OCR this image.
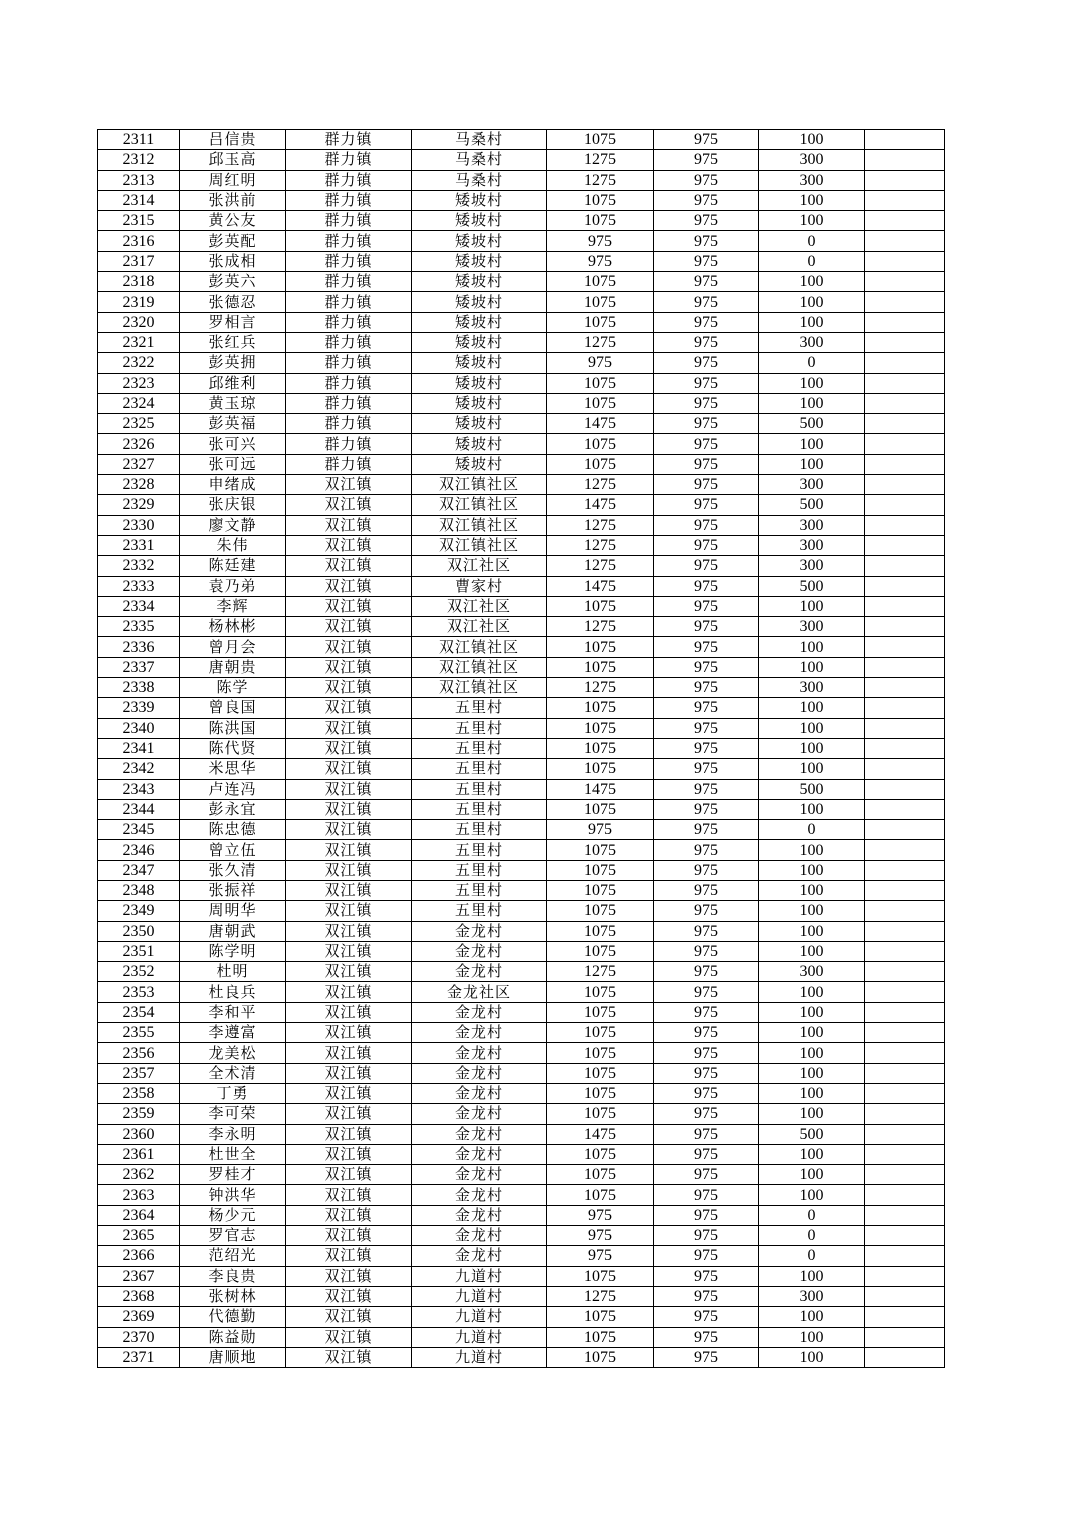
2311	吕信贵	群力镇	马桑村	1075	975	100	
2312	邱玉高	群力镇	马桑村	1275	975	300	
2313	周红明	群力镇	马桑村	1275	975	300	
2314	张洪前	群力镇	矮坡村	1075	975	100	
2315	黄公友	群力镇	矮坡村	1075	975	100	
2316	彭英配	群力镇	矮坡村	975	975	0	
2317	张成相	群力镇	矮坡村	975	975	0	
2318	彭英六	群力镇	矮坡村	1075	975	100	
2319	张德忍	群力镇	矮坡村	1075	975	100	
2320	罗相言	群力镇	矮坡村	1075	975	100	
2321	张红兵	群力镇	矮坡村	1275	975	300	
2322	彭英拥	群力镇	矮坡村	975	975	0	
2323	邱维利	群力镇	矮坡村	1075	975	100	
2324	黄玉琼	群力镇	矮坡村	1075	975	100	
2325	彭英福	群力镇	矮坡村	1475	975	500	
2326	张可兴	群力镇	矮坡村	1075	975	100	
2327	张可远	群力镇	矮坡村	1075	975	100	
2328	申绪成	双江镇	双江镇社区	1275	975	300	
2329	张庆银	双江镇	双江镇社区	1475	975	500	
2330	廖文静	双江镇	双江镇社区	1275	975	300	
2331	朱伟	双江镇	双江镇社区	1275	975	300	
2332	陈廷建	双江镇	双江社区	1275	975	300	
2333	袁乃弟	双江镇	曹家村	1475	975	500	
2334	李辉	双江镇	双江社区	1075	975	100	
2335	杨林彬	双江镇	双江社区	1275	975	300	
2336	曾月会	双江镇	双江镇社区	1075	975	100	
2337	唐朝贵	双江镇	双江镇社区	1075	975	100	
2338	陈学	双江镇	双江镇社区	1275	975	300	
2339	曾良国	双江镇	五里村	1075	975	100	
2340	陈洪国	双江镇	五里村	1075	975	100	
2341	陈代贤	双江镇	五里村	1075	975	100	
2342	米思华	双江镇	五里村	1075	975	100	
2343	卢连冯	双江镇	五里村	1475	975	500	
2344	彭永宜	双江镇	五里村	1075	975	100	
2345	陈忠德	双江镇	五里村	975	975	0	
2346	曾立伍	双江镇	五里村	1075	975	100	
2347	张久清	双江镇	五里村	1075	975	100	
2348	张振祥	双江镇	五里村	1075	975	100	
2349	周明华	双江镇	五里村	1075	975	100	
2350	唐朝武	双江镇	金龙村	1075	975	100	
2351	陈学明	双江镇	金龙村	1075	975	100	
2352	杜明	双江镇	金龙村	1275	975	300	
2353	杜良兵	双江镇	金龙社区	1075	975	100	
2354	李和平	双江镇	金龙村	1075	975	100	
2355	李遵富	双江镇	金龙村	1075	975	100	
2356	龙美松	双江镇	金龙村	1075	975	100	
2357	全术清	双江镇	金龙村	1075	975	100	
2358	丁勇	双江镇	金龙村	1075	975	100	
2359	李可荣	双江镇	金龙村	1075	975	100	
2360	李永明	双江镇	金龙村	1475	975	500	
2361	杜世全	双江镇	金龙村	1075	975	100	
2362	罗桂才	双江镇	金龙村	1075	975	100	
2363	钟洪华	双江镇	金龙村	1075	975	100	
2364	杨少元	双江镇	金龙村	975	975	0	
2365	罗官志	双江镇	金龙村	975	975	0	
2366	范绍光	双江镇	金龙村	975	975	0	
2367	李良贵	双江镇	九道村	1075	975	100	
2368	张树林	双江镇	九道村	1275	975	300	
2369	代德勤	双江镇	九道村	1075	975	100	
2370	陈益勋	双江镇	九道村	1075	975	100	
2371	唐顺地	双江镇	九道村	1075	975	100	
